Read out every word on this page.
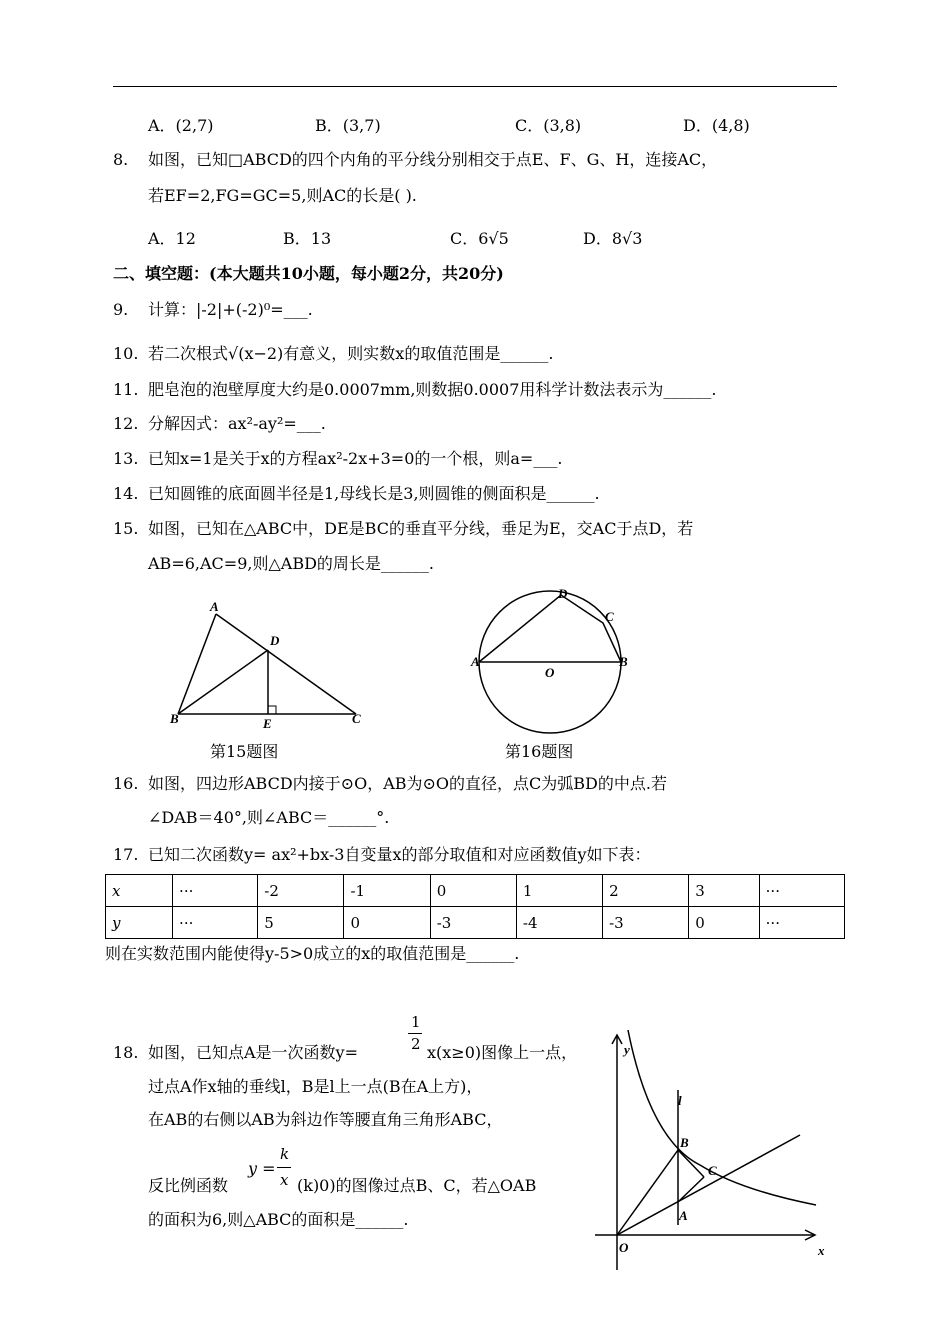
A．(2,7)	B．(3,7)	C．(3,8)	D．(4,8)
8. 如图，已知□ABCD的四个内角的平分线分别相交于点E、F、G、H，连接AC，
若EF=2,FG=GC=5,则AC的长是( ).
A．12	B．13	C．6√5	D．8√3
二、填空题：(本大题共10小题，每小题2分，共20分)
9. 计算：|-2|+(-2)⁰=___.
10. 若二次根式√(x−2)有意义，则实数x的取值范围是______.
11. 肥皂泡的泡壁厚度大约是0.0007mm,则数据0.0007用科学计数法表示为______.
12. 分解因式：ax²-ay²=___.
13. 已知x=1是关于x的方程ax²-2x+3=0的一个根，则a=___.
14. 已知圆锥的底面圆半径是1,母线长是3,则圆锥的侧面积是______.
15. 如图，已知在△ABC中，DE是BC的垂直平分线，垂足为E，交AC于点D，若
AB=6,AC=9,则△ABD的周长是______.
A
B	C
D
E
第15题图
A	B
C
D
O
第16题图
16. 如图，四边形ABCD内接于⊙O，AB为⊙O的直径，点C为弧BD的中点.若
∠DAB＝40°,则∠ABC＝______°.
17. 已知二次函数y= ax²+bx-3自变量x的部分取值和对应函数值y如下表：
x	···	-2	-1	0	1	2	3	···
y	···	5	0	-3	-4	-3	0	···
则在实数范围内能使得y-5>0成立的x的取值范围是______.
18. 如图，已知点A是一次函数y=
1
2 x(x≥0)图像上一点，
过点A作x轴的垂线l，B是l上一点(B在A上方)，
在AB的右侧以AB为斜边作等腰直角三角形ABC，
反比例函数
y =
k
x (k)0)的图像过点B、C，若△OAB
的面积为6,则△ABC的面积是______.
y
x
O
l
A
B
C
